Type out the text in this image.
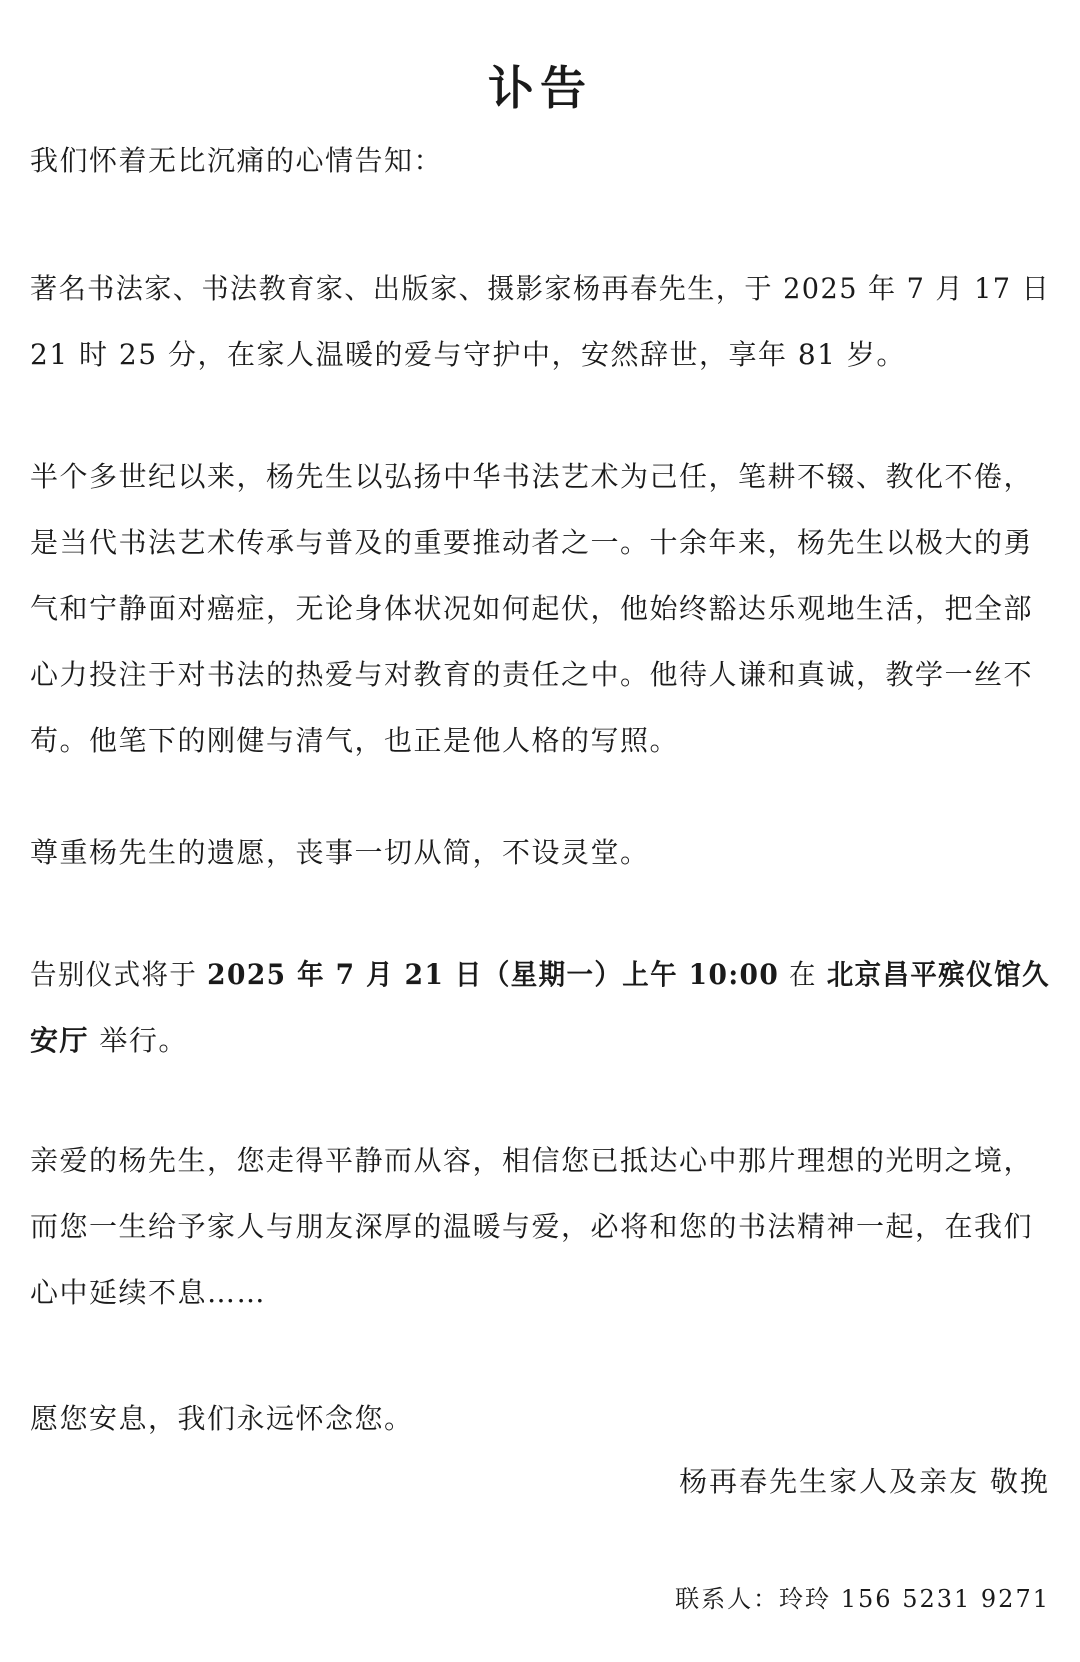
讣告
我们怀着无比沉痛的心情告知：
著名书法家、书法教育家、出版家、摄影家杨再春先生，于 2025 年 7 月 17 日
21 时 25 分，在家人温暖的爱与守护中，安然辞世，享年 81 岁。
半个多世纪以来，杨先生以弘扬中华书法艺术为己任，笔耕不辍、教化不倦，
是当代书法艺术传承与普及的重要推动者之一。十余年来，杨先生以极大的勇
气和宁静面对癌症，无论身体状况如何起伏，他始终豁达乐观地生活，把全部
心力投注于对书法的热爱与对教育的责任之中。他待人谦和真诚，教学一丝不
苟。他笔下的刚健与清气，也正是他人格的写照。
尊重杨先生的遗愿，丧事一切从简，不设灵堂。
告别仪式将于 2025 年 7 月 21 日（星期一）上午 10:00 在 北京昌平殡仪馆久
安厅 举行。
亲爱的杨先生，您走得平静而从容，相信您已抵达心中那片理想的光明之境，
而您一生给予家人与朋友深厚的温暖与爱，必将和您的书法精神一起，在我们
心中延续不息……
愿您安息，我们永远怀念您。
杨再春先生家人及亲友 敬挽
联系人：玲玲 156 5231 9271
